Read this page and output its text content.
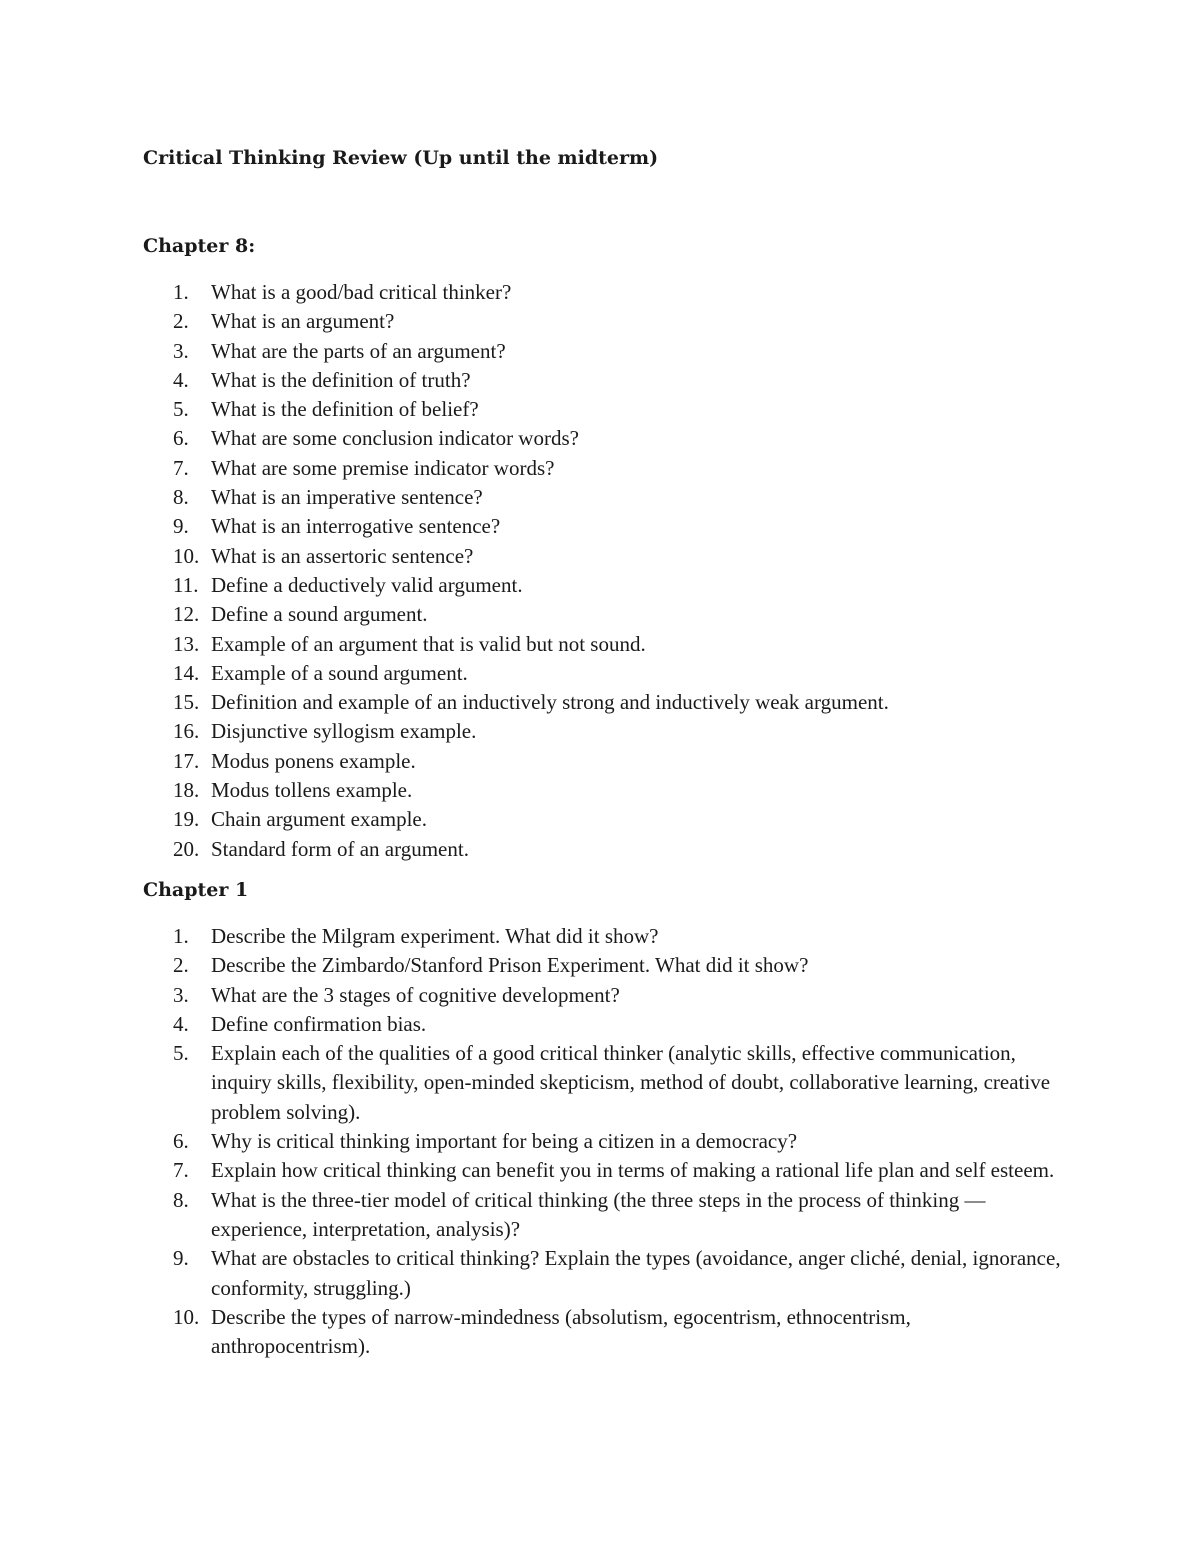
Critical Thinking Review (Up until the midterm)
Chapter 8:
1.	What is a good/bad critical thinker?
2.	What is an argument?
3.	What are the parts of an argument?
4.	What is the definition of truth?
5.	What is the definition of belief?
6.	What are some conclusion indicator words?
7.	What are some premise indicator words?
8.	What is an imperative sentence?
9.	What is an interrogative sentence?
10. What is an assertoric sentence?
11. Define a deductively valid argument.
12. Define a sound argument.
13. Example of an argument that is valid but not sound.
14. Example of a sound argument.
15. Definition and example of an inductively strong and inductively weak argument.
16. Disjunctive syllogism example.
17. Modus ponens example.
18. Modus tollens example.
19. Chain argument example.
20. Standard form of an argument.
Chapter 1
1.	Describe the Milgram experiment. What did it show?
2.	Describe the Zimbardo/Stanford Prison Experiment. What did it show?
3.	What are the 3 stages of cognitive development?
4.	Define confirmation bias.
5.	Explain each of the qualities of a good critical thinker (analytic skills, effective communication, inquiry skills, flexibility, open-minded skepticism, method of doubt, collaborative learning, creative problem solving).
6.	Why is critical thinking important for being a citizen in a democracy?
7.	Explain how critical thinking can benefit you in terms of making a rational life plan and self esteem.
8.	What is the three-tier model of critical thinking (the three steps in the process of thinking —experience, interpretation, analysis)?
9.	What are obstacles to critical thinking? Explain the types (avoidance, anger cliché, denial, ignorance, conformity, struggling.)
10. Describe the types of narrow-mindedness (absolutism, egocentrism, ethnocentrism, anthropocentrism).
